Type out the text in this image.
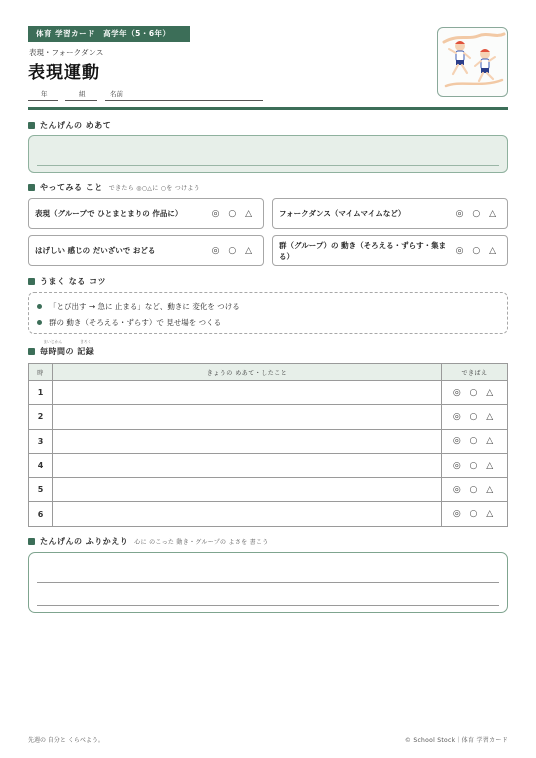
体育 学習カード　高学年（5・6年）
表現・フォークダンス
表現運動
年	組	名前
たんげんの めあて
やってみる こと できたら ◎○△に ○を つけよう
表現（グループで ひとまとまりの 作品に）	◎ ○ △	フォークダンス（マイムマイムなど）	◎ ○ △
はげしい 感じの だいざいで おどる	◎ ○ △
群（グループ）の 動き（そろえる・ずらす・集まる）
◎ ○ △
うまく なる コツ
「とび出す → 急に 止まる」など、動きに 変化を つける
群の 動き（そろえる・ずらす）で 見せ場を つくる
まいじかん
毎時間の
きろく
記録
時	きょうの めあて・したこと	できばえ
1		◎ ○ △
2		◎ ○ △
3		◎ ○ △
4		◎ ○ △
5		◎ ○ △
6		◎ ○ △
たんげんの ふりかえり 心に のこった 動き・グループの よさを 書こう
先週の 自分と くらべよう。	© School Stock｜体育 学習カード
